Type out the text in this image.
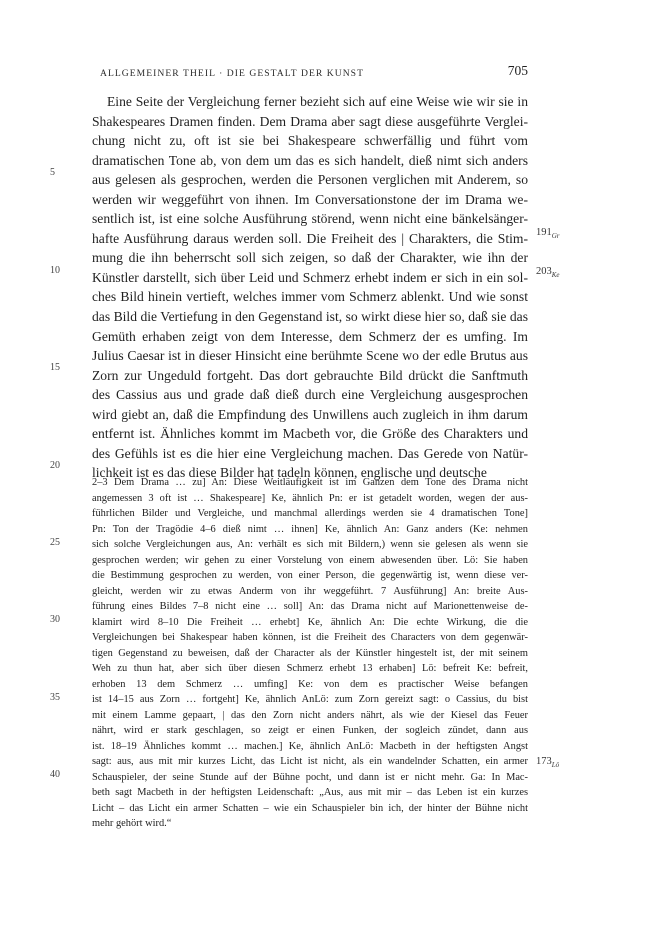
ALLGEMEINER THEIL · DIE GESTALT DER KUNST	705
Eine Seite der Vergleichung ferner bezieht sich auf eine Weise wie wir sie in
Shakespeares Dramen finden. Dem Drama aber sagt diese ausgeführte Verglei-
chung nicht zu, oft ist sie bei Shakespeare schwerfällig und führt vom
dramatischen Tone ab, von dem um das es sich handelt, dieß nimt sich anders
aus gelesen als gesprochen, werden die Personen verglichen mit Anderem, so
werden wir weggeführt von ihnen. Im Conversationstone der im Drama we-
sentlich ist, ist eine solche Ausführung störend, wenn nicht eine bänkelsänger-
hafte Ausführung daraus werden soll. Die Freiheit des | Charakters, die Stim-
mung die ihn beherrscht soll sich zeigen, so daß der Charakter, wie ihn der
Künstler darstellt, sich über Leid und Schmerz erhebt indem er sich in ein sol-
ches Bild hinein vertieft, welches immer vom Schmerz ablenkt. Und wie sonst
das Bild die Vertiefung in den Gegenstand ist, so wirkt diese hier so, daß sie das
Gemüth erhaben zeigt von dem Interesse, dem Schmerz der es umfing. Im
Julius Caesar ist in dieser Hinsicht eine berühmte Scene wo der edle Brutus aus
Zorn zur Ungeduld fortgeht. Das dort gebrauchte Bild drückt die Sanftmuth
des Cassius aus und grade daß dieß durch eine Vergleichung ausgesprochen
wird giebt an, daß die Empfindung des Unwillens auch zugleich in ihm darum
entfernt ist. Ähnliches kommt im Macbeth vor, die Größe des Charakters und
des Gefühls ist es die hier eine Vergleichung machen. Das Gerede von Natür-
lichkeit ist es das diese Bilder hat tadeln können, englische und deutsche
5
10
15
20
$191_{Gr}$
$203_{Ke}$
$173_{Lö}$
2–3 Dem Drama … zu] An: Diese Weitläufigkeit ist im Ganzen dem Tone des Drama nicht
angemessen 3 oft ist … Shakespeare] Ke, ähnlich Pn: er ist getadelt worden, wegen der aus-
führlichen Bilder und Vergleiche, und manchmal allerdings werden sie 4 dramatischen Tone]
Pn: Ton der Tragödie 4–6 dieß nimt … ihnen] Ke, ähnlich An: Ganz anders (Ke: nehmen
sich solche Vergleichungen aus, An: verhält es sich mit Bildern,) wenn sie gelesen als wenn sie
gesprochen werden; wir gehen zu einer Vorstelung von einem abwesenden über. Lö: Sie haben
die Bestimmung gesprochen zu werden, von einer Person, die gegenwärtig ist, wenn diese ver-
gleicht, werden wir zu etwas Anderm von ihr weggeführt. 7 Ausführung] An: breite Aus-
führung eines Bildes 7–8 nicht eine … soll] An: das Drama nicht auf Marionettenweise de-
klamirt wird 8–10 Die Freiheit … erhebt] Ke, ähnlich An: Die echte Wirkung, die die
Vergleichungen bei Shakespear haben können, ist die Freiheit des Characters von dem gegenwär-
tigen Gegenstand zu beweisen, daß der Character als der Künstler hingestelt ist, der mit seinem
Weh zu thun hat, aber sich über diesen Schmerz erhebt 13 erhaben] Lö: befreit Ke: befreit,
erhoben 13 dem Schmerz … umfing] Ke: von dem es practischer Weise befangen
ist 14–15 aus Zorn … fortgeht] Ke, ähnlich AnLö: zum Zorn gereizt sagt: o Cassius, du bist
mit einem Lamme gepaart, | das den Zorn nicht anders nährt, als wie der Kiesel das Feuer
nährt, wird er stark geschlagen, so zeigt er einen Funken, der sogleich zündet, dann aus
ist. 18–19 Ähnliches kommt … machen.] Ke, ähnlich AnLö: Macbeth in der heftigsten Angst
sagt: aus, aus mit mir kurzes Licht, das Licht ist nicht, als ein wandelnder Schatten, ein armer
Schauspieler, der seine Stunde auf der Bühne pocht, und dann ist er nicht mehr. Ga: In Mac-
beth sagt Macbeth in der heftigsten Leidenschaft: „Aus, aus mit mir – das Leben ist ein kurzes
Licht – das Licht ein armer Schatten – wie ein Schauspieler bin ich, der hinter der Bühne nicht
mehr gehört wird.“
25
30
35
40
